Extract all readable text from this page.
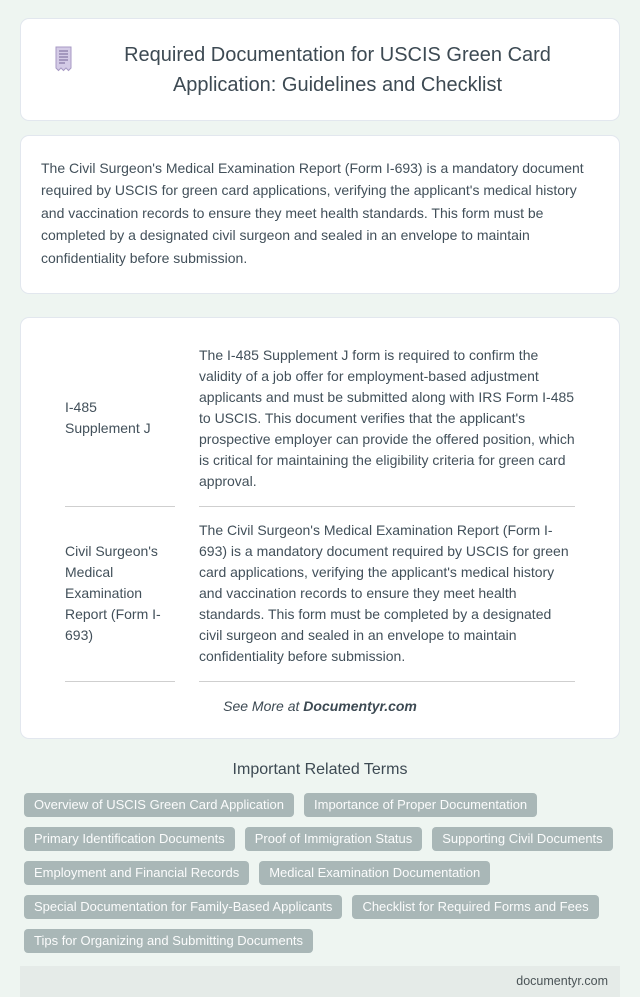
Required Documentation for USCIS Green Card Application: Guidelines and Checklist

The Civil Surgeon's Medical Examination Report (Form I-693) is a mandatory document required by USCIS for green card applications, verifying the applicant's medical history and vaccination records to ensure they meet health standards. This form must be completed by a designated civil surgeon and sealed in an envelope to maintain confidentiality before submission.

I-485 Supplement J	The I-485 Supplement J form is required to confirm the validity of a job offer for employment-based adjustment applicants and must be submitted along with IRS Form I-485 to USCIS. This document verifies that the applicant's prospective employer can provide the offered position, which is critical for maintaining the eligibility criteria for green card approval.
Civil Surgeon's Medical Examination Report (Form I-693)	The Civil Surgeon's Medical Examination Report (Form I-693) is a mandatory document required by USCIS for green card applications, verifying the applicant's medical history and vaccination records to ensure they meet health standards. This form must be completed by a designated civil surgeon and sealed in an envelope to maintain confidentiality before submission.

See More at Documentyr.com

Important Related Terms
Overview of USCIS Green Card Application	Importance of Proper Documentation
Primary Identification Documents	Proof of Immigration Status	Supporting Civil Documents
Employment and Financial Records	Medical Examination Documentation
Special Documentation for Family-Based Applicants	Checklist for Required Forms and Fees
Tips for Organizing and Submitting Documents
documentyr.com
